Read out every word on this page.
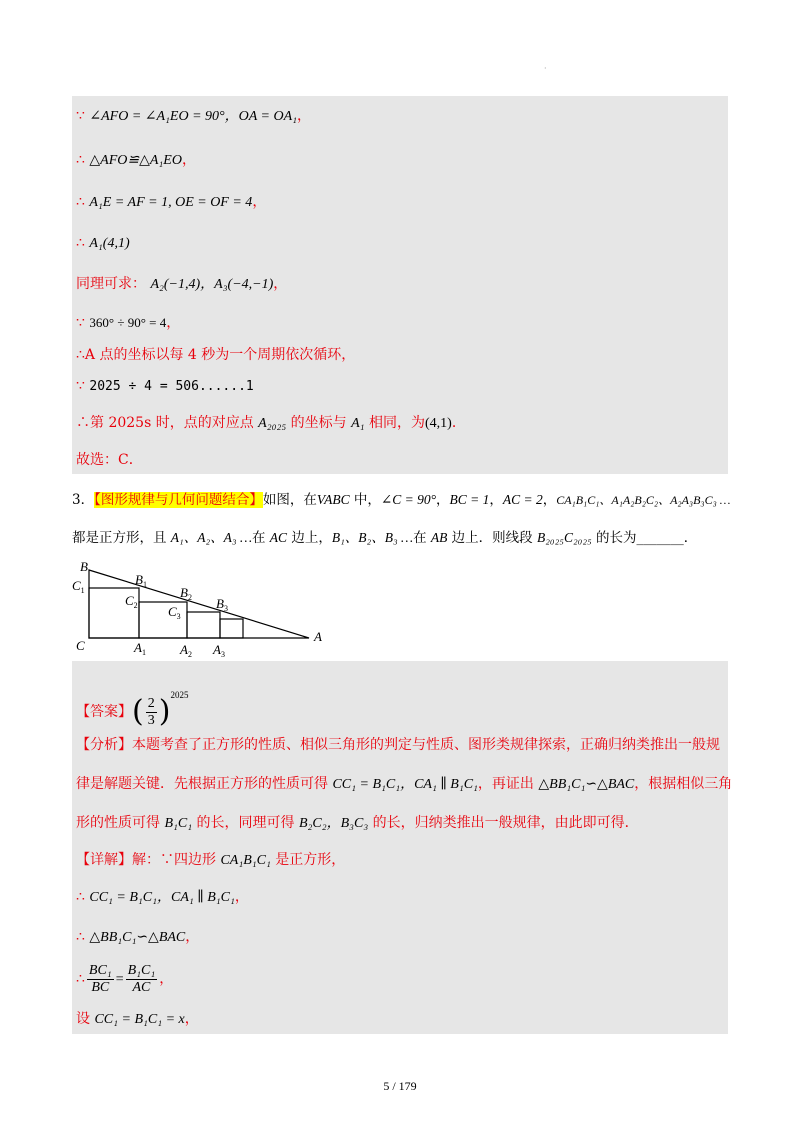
·
∵ ∠AFO = ∠A₁EO = 90°，OA = OA₁，
∴ △AFO≌△A₁EO，
∴ A₁E = AF = 1, OE = OF = 4，
∴ A₁(4,1)
同理可求： A₂(−1,4)，A₃(−4,−1)，
∵ 360° ÷ 90° = 4，
∴A 点的坐标以每 4 秒为一个周期依次循环，
∵ 2025 ÷ 4 = 506......1
∴第 2025s 时，点的对应点 A₂₀₂₅ 的坐标与 A₁ 相同，为(4,1)．
故选：C．
3．【图形规律与几何问题结合】如图，在VABC 中，∠C = 90°，BC = 1，AC = 2，CA₁B₁C₁、A₁A₂B₂C₂、A₂A₃B₃C₃ …
都是正方形，且 A₁、A₂、A₃ …在 AC 边上，B₁、B₂、B₃ …在 AB 边上．则线段 B₂₀₂₅C₂₀₂₅ 的长为_______．
B
$C_1$
C
A
$B_1$
$B_2$ $B_3$
$C_2$ $C_3$
$A_1$	$A_2$ $A_3$
【答案】( $\frac{2}{3} )^{2025}$
【分析】本题考查了正方形的性质、相似三角形的判定与性质、图形类规律探索，正确归纳类推出一般规
律是解题关键．先根据正方形的性质可得 CC₁ = B₁C₁，CA₁ ∥ B₁C₁，再证出 △BB₁C₁∽△BAC，根据相似三角
形的性质可得 B₁C₁ 的长，同理可得 B₂C₂，B₃C₃ 的长，归纳类推出一般规律，由此即可得．
【详解】解：∵四边形 CA₁B₁C₁ 是正方形，
∴ CC₁ = B₁C₁，CA₁ ∥ B₁C₁，
∴ △BB₁C₁∽△BAC，
∴ $\frac{\text{BC₁}}{BC} = \frac{\text{B₁C₁}}{AC}$ ，
设 CC₁ = B₁C₁ = x，
5 / 179
